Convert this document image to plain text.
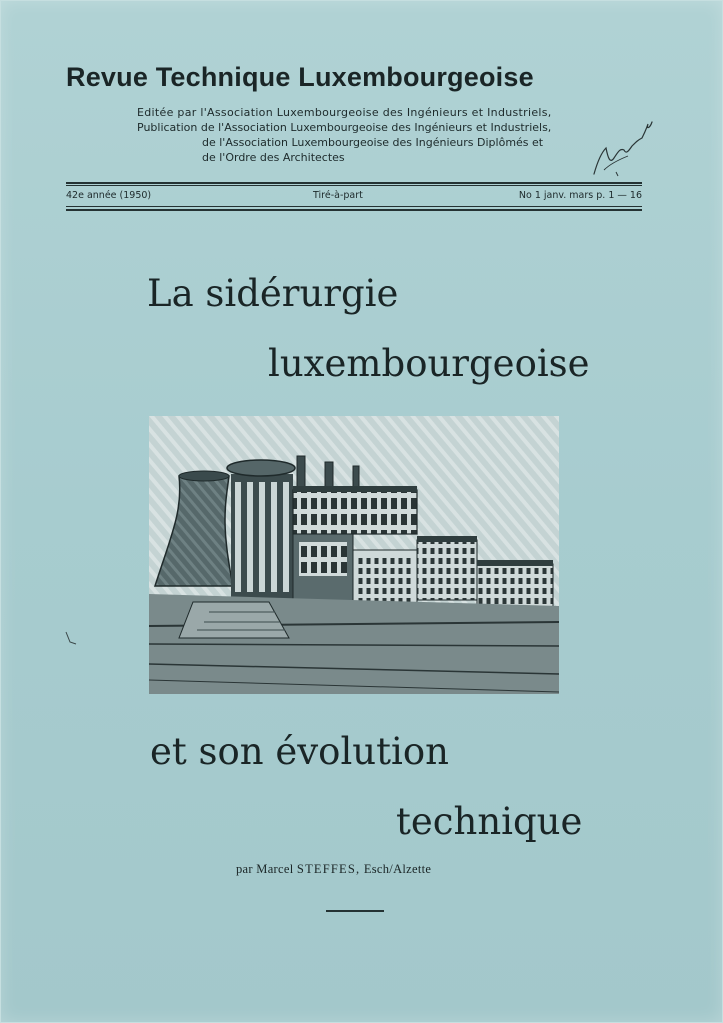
Revue Technique Luxembourgeoise
Editée par l'Association Luxembourgeoise des Ingénieurs et Industriels,
Publication de l'Association Luxembourgeoise des Ingénieurs et Industriels,
de l'Association Luxembourgeoise des Ingénieurs Diplômés et
de l'Ordre des Architectes
42e année (1950)	Tiré-à-part	No 1 janv. mars p. 1 — 16
La sidérurgie
luxembourgeoise
et son évolution
technique
par Marcel STEFFES, Esch/Alzette
